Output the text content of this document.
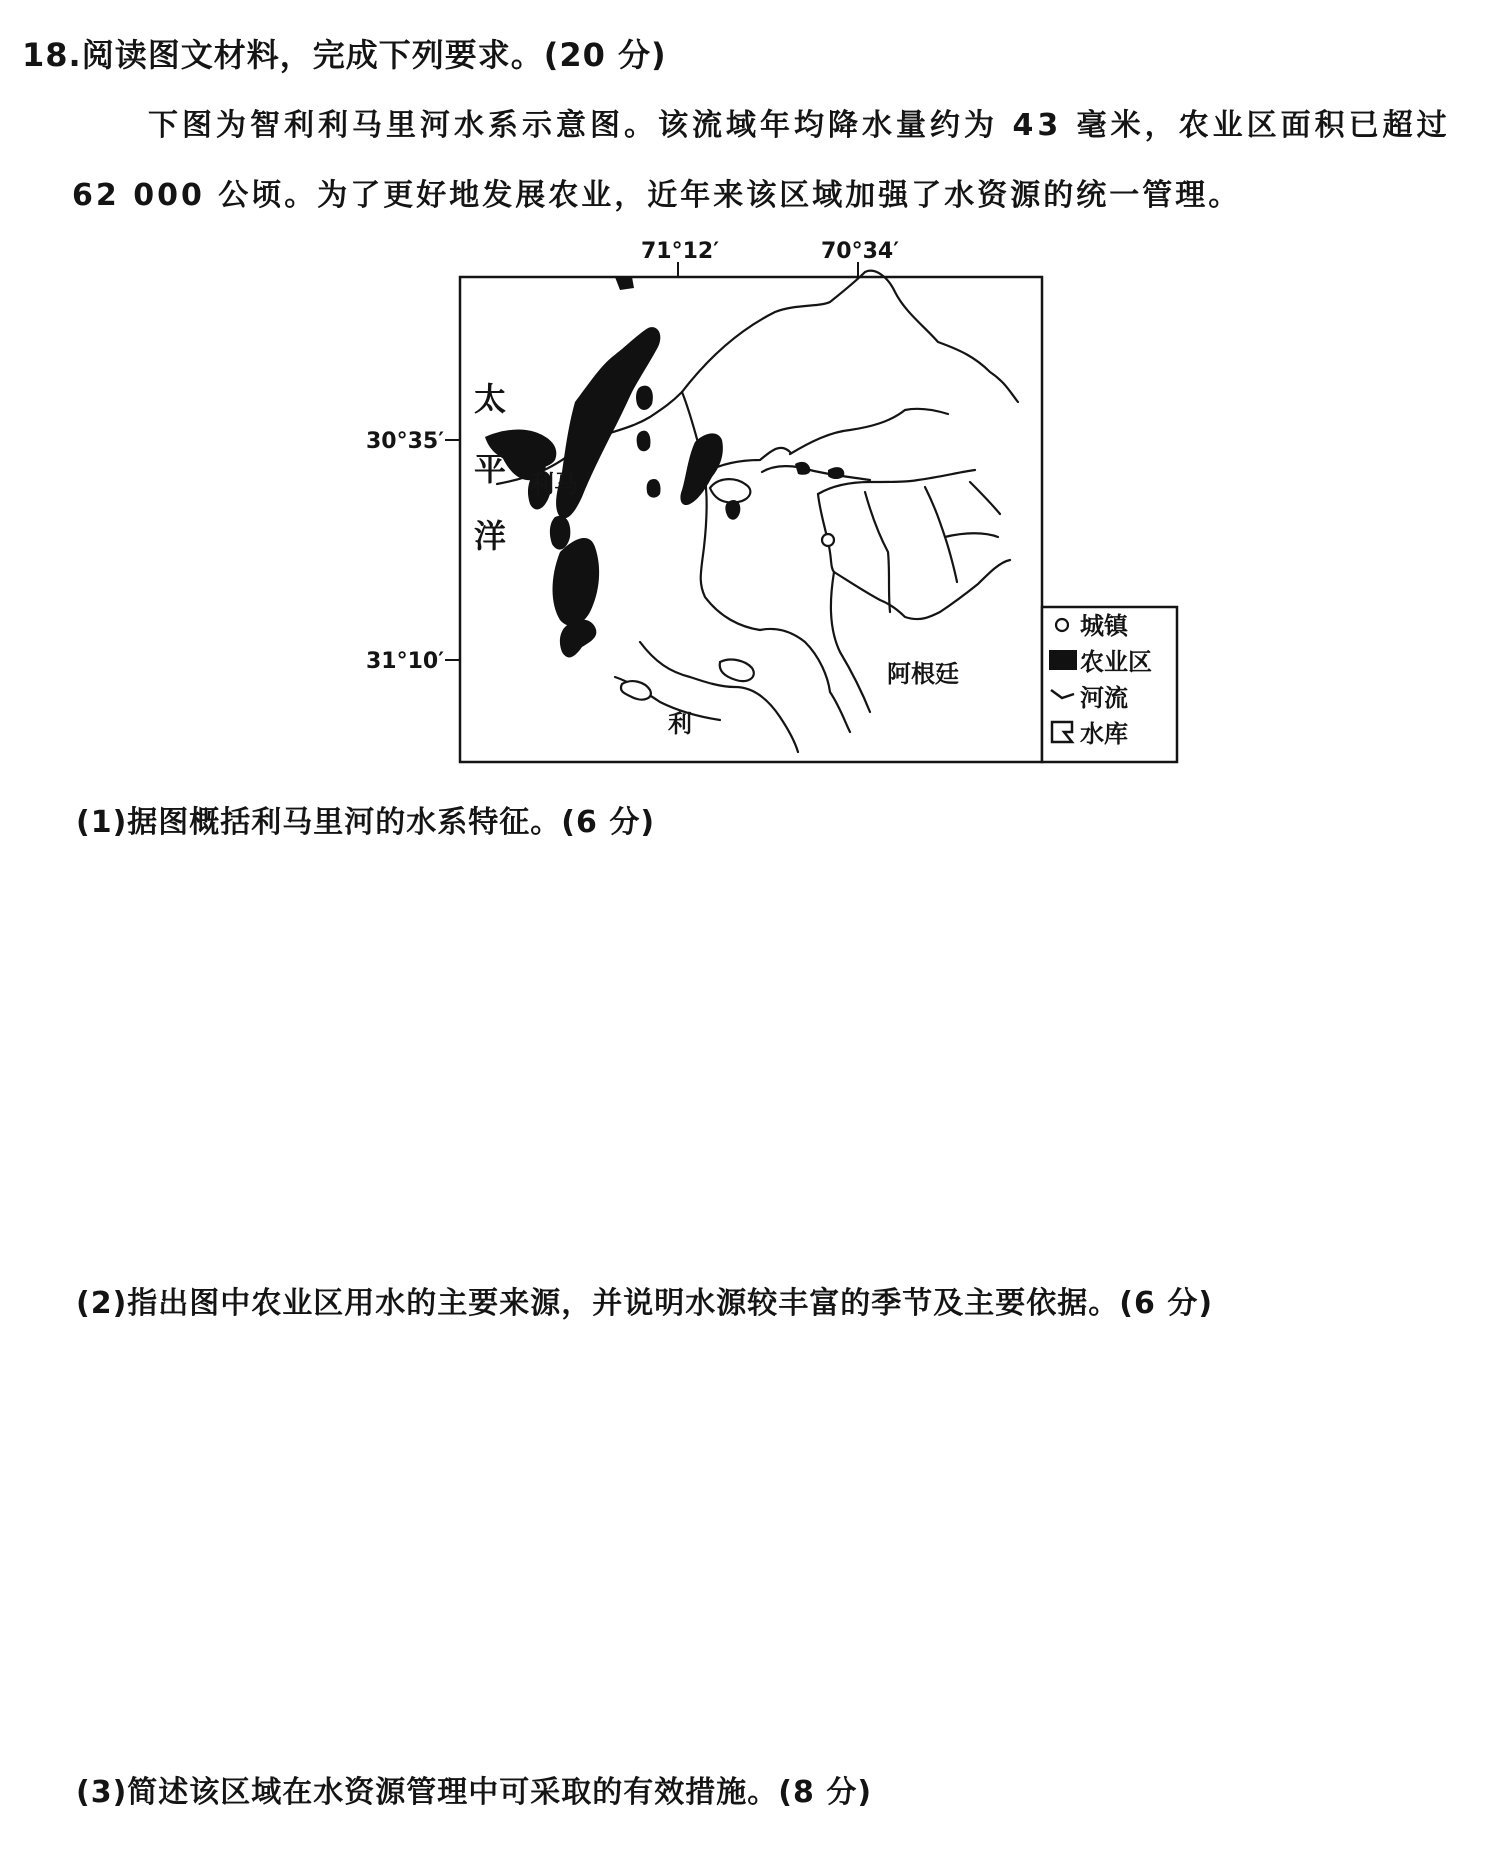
18.阅读图文材料，完成下列要求。(20 分)
下图为智利利马里河水系示意图。该流域年均降水量约为 43 毫米，农业区面积已超过
62 000 公顷。为了更好地发展农业，近年来该区域加强了水资源的统一管理。
71°12′	70°34′
30°35′
31°10′
太
平
洋
利马
利
阿根廷
城镇
农业区
河流
水库
(1)据图概括利马里河的水系特征。(6 分)
(2)指出图中农业区用水的主要来源，并说明水源较丰富的季节及主要依据。(6 分)
(3)简述该区域在水资源管理中可采取的有效措施。(8 分)
